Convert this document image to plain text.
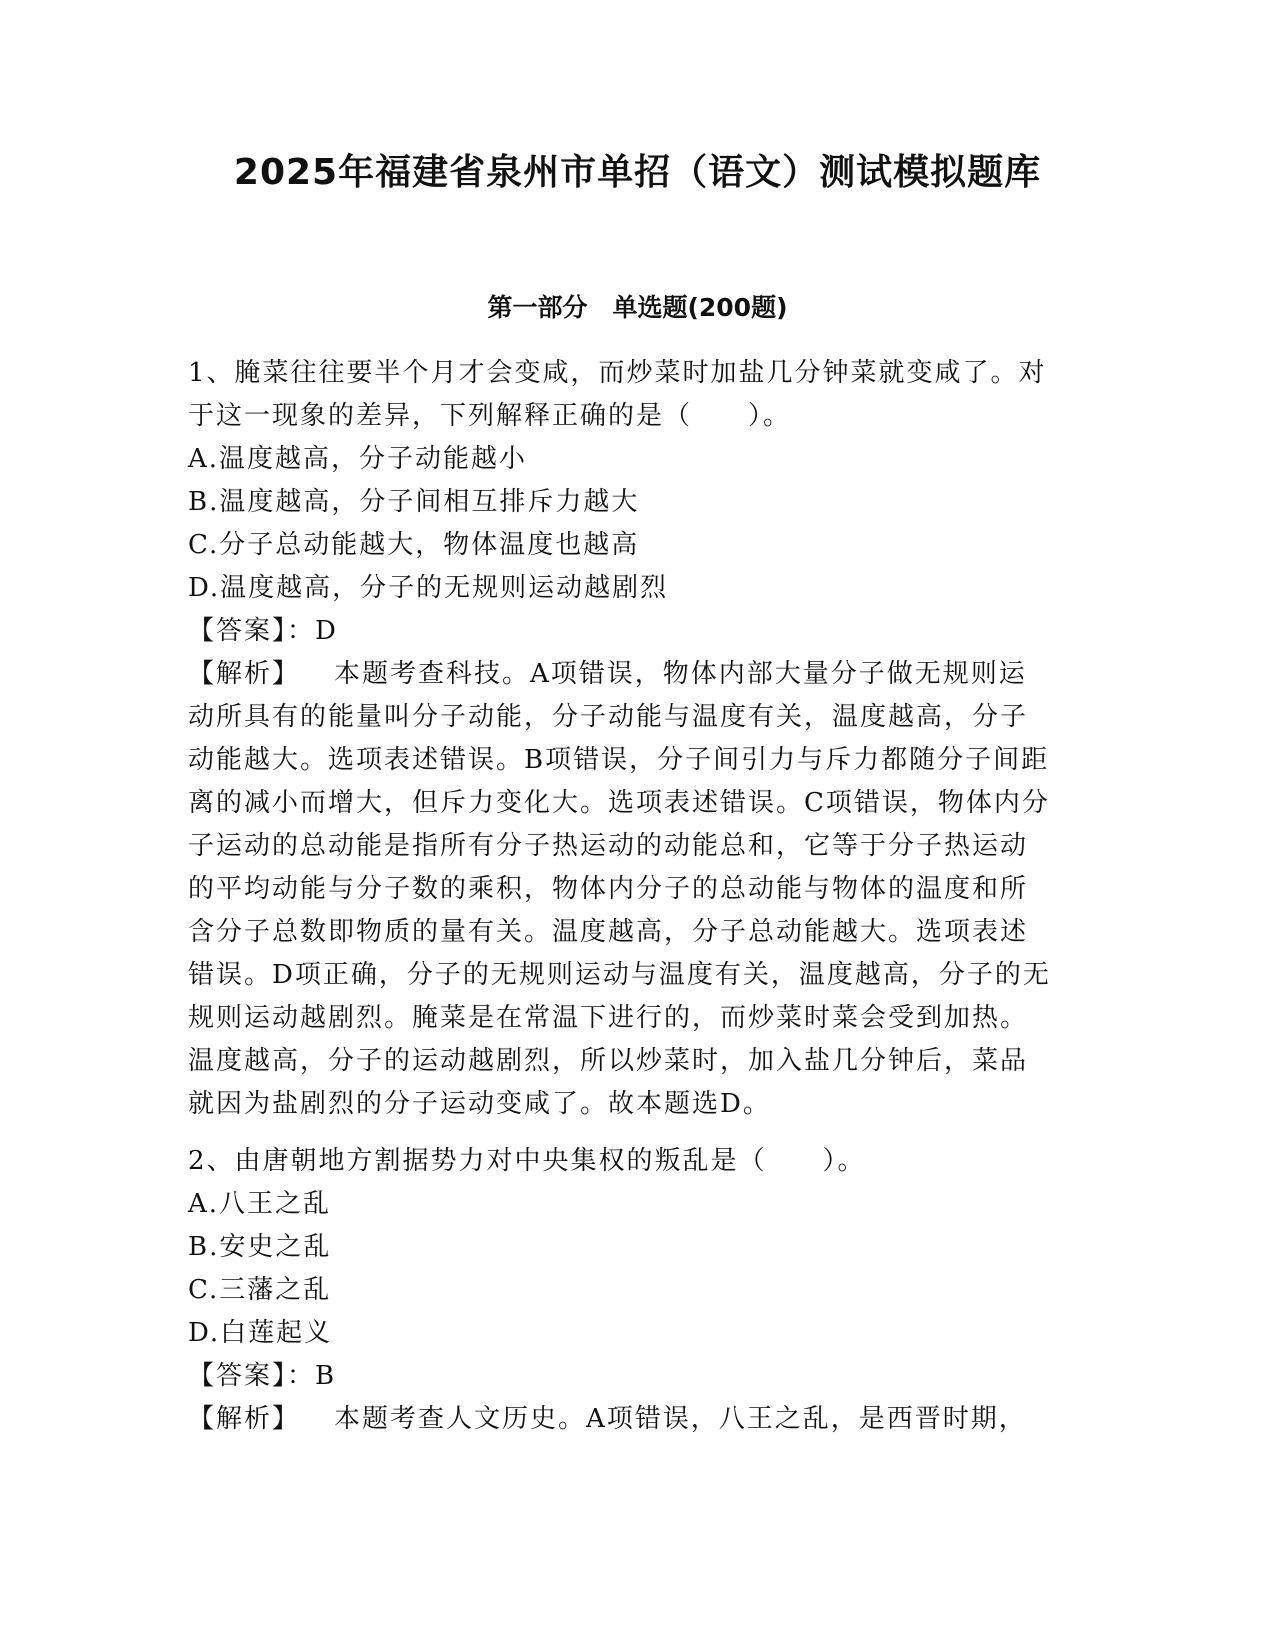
2025年福建省泉州市单招（语文）测试模拟题库
第一部分　单选题(200题)
1、腌菜往往要半个月才会变咸，而炒菜时加盐几分钟菜就变咸了。对
于这一现象的差异，下列解释正确的是（　　）。
A.温度越高，分子动能越小
B.温度越高，分子间相互排斥力越大
C.分子总动能越大，物体温度也越高
D.温度越高，分子的无规则运动越剧烈
【答案】：D
【解析】 本题考查科技。A项错误，物体内部大量分子做无规则运
动所具有的能量叫分子动能，分子动能与温度有关，温度越高，分子
动能越大。选项表述错误。B项错误，分子间引力与斥力都随分子间距
离的减小而增大，但斥力变化大。选项表述错误。C项错误，物体内分
子运动的总动能是指所有分子热运动的动能总和，它等于分子热运动
的平均动能与分子数的乘积，物体内分子的总动能与物体的温度和所
含分子总数即物质的量有关。温度越高，分子总动能越大。选项表述
错误。D项正确，分子的无规则运动与温度有关，温度越高，分子的无
规则运动越剧烈。腌菜是在常温下进行的，而炒菜时菜会受到加热。
温度越高，分子的运动越剧烈，所以炒菜时，加入盐几分钟后，菜品
就因为盐剧烈的分子运动变咸了。故本题选D。
2、由唐朝地方割据势力对中央集权的叛乱是（　　）。
A.八王之乱
B.安史之乱
C.三藩之乱
D.白莲起义
【答案】：B
【解析】 本题考查人文历史。A项错误，八王之乱，是西晋时期，
